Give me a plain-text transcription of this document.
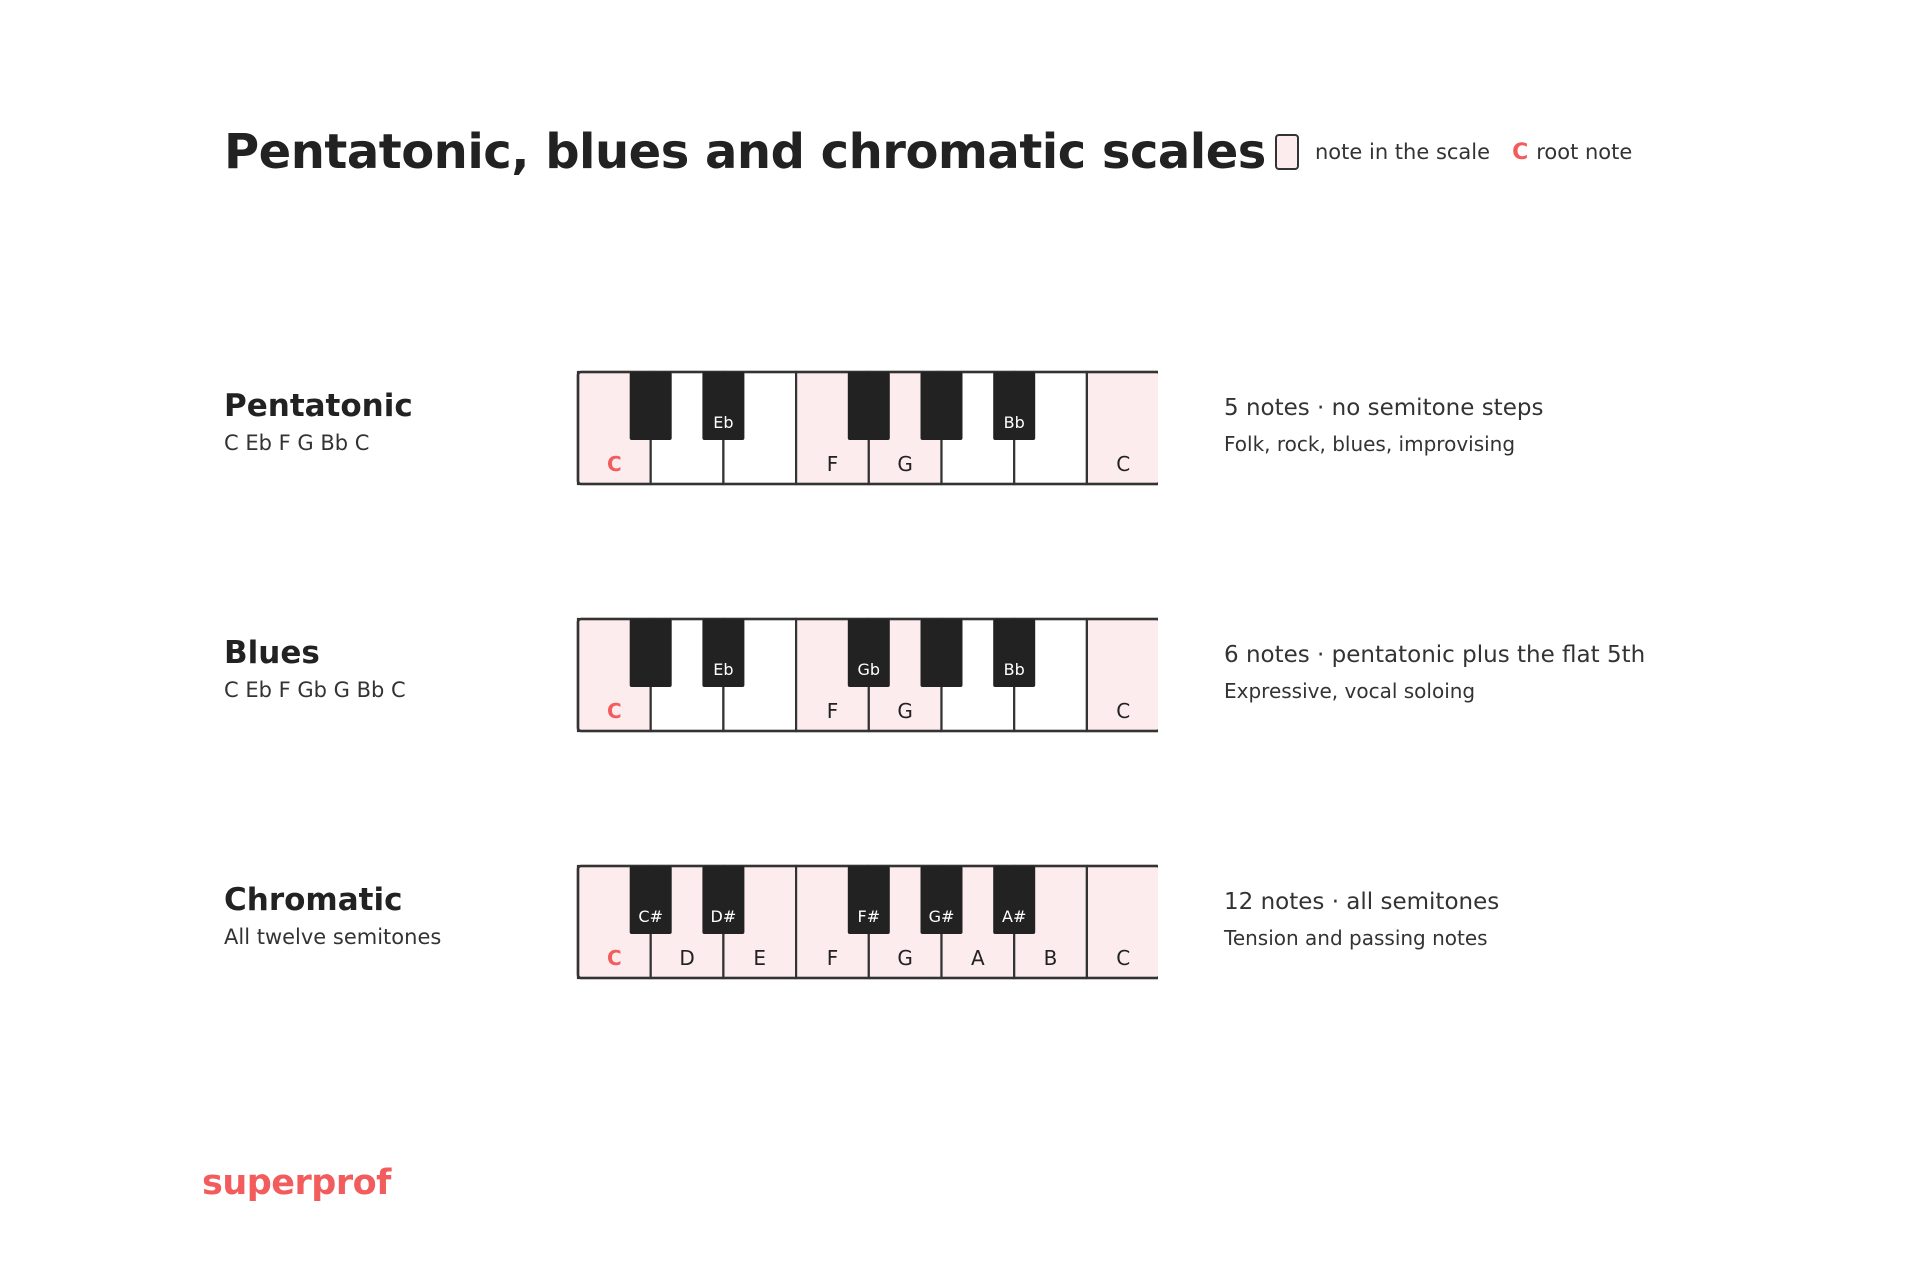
Pentatonic, blues and chromatic scales note in the scale C root note
Pentatonic
C Eb F G Bb C
C	F	G	C
Eb	Bb
5 notes · no semitone steps
Folk, rock, blues, improvising
Blues
C Eb F Gb G Bb C
C	F	G	C
Eb	Gb	Bb
6 notes · pentatonic plus the flat 5th
Expressive, vocal soloing
Chromatic
All twelve semitones
C	D	E	F	G	A	B	C
C#	D#	F#	G#	A#
12 notes · all semitones
Tension and passing notes
superprof
